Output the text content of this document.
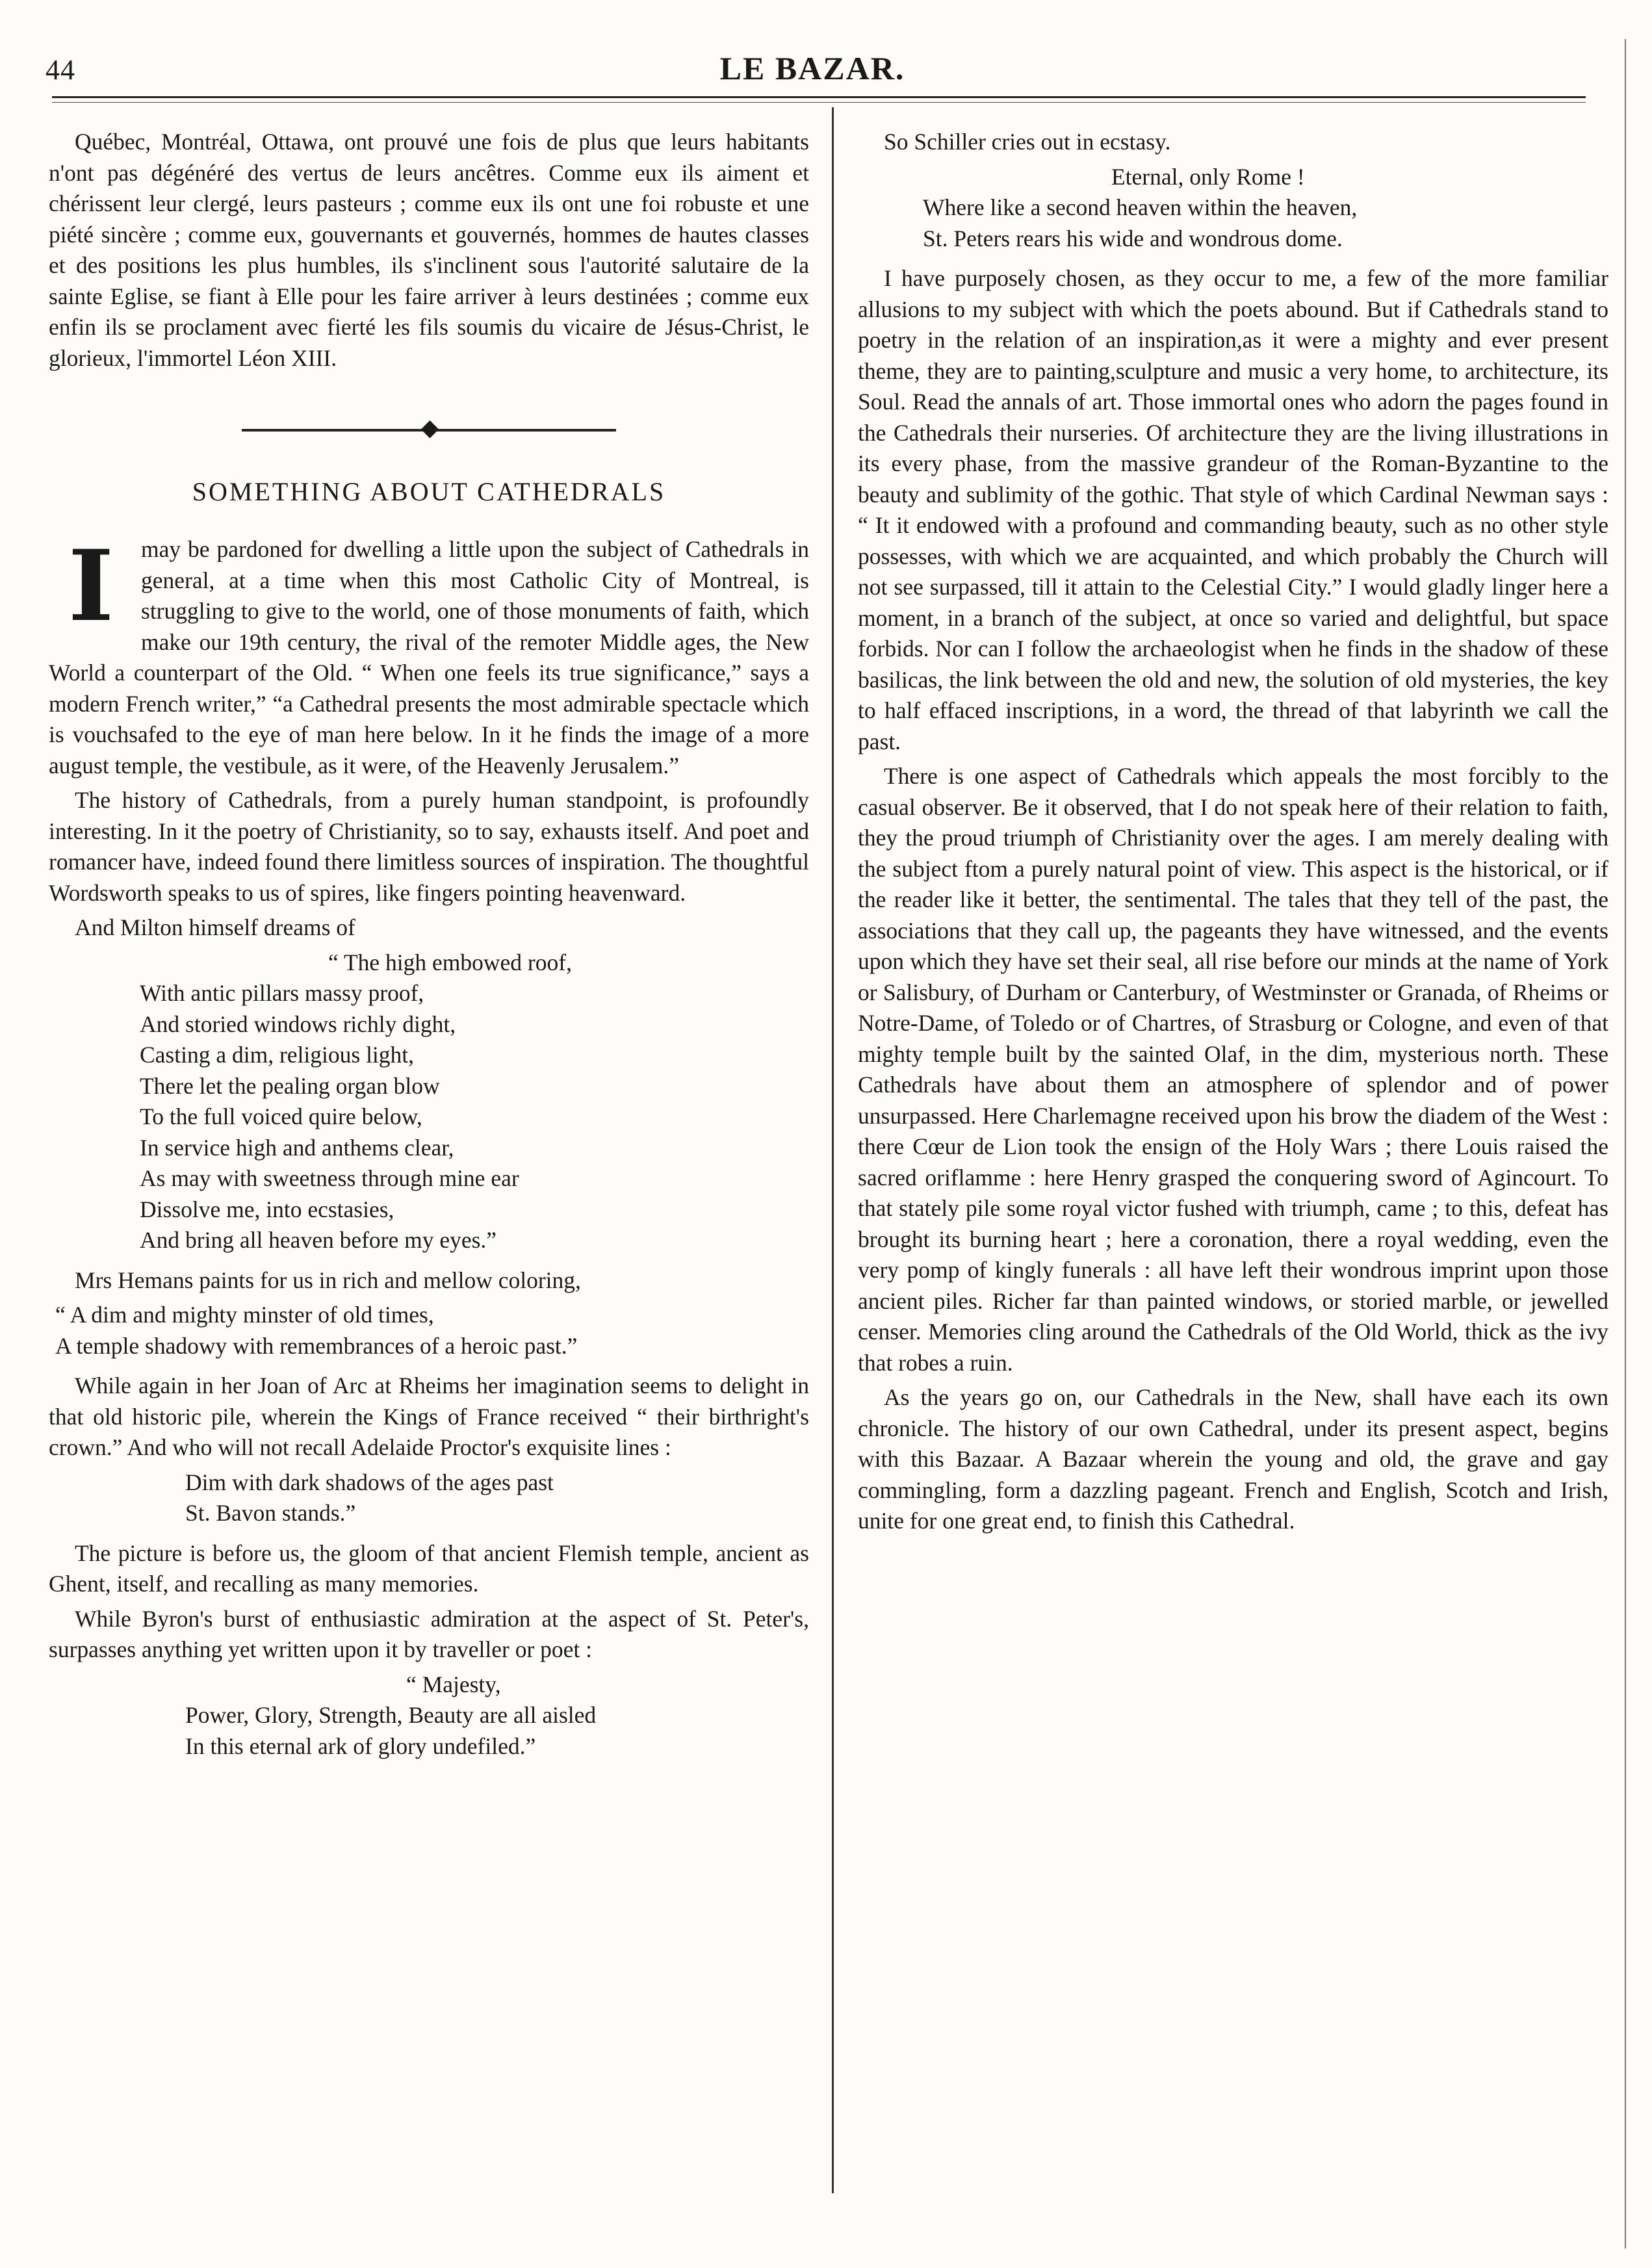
44	LE BAZAR.

Québec, Montréal, Ottawa, ont prouvé une fois de plus que leurs habitants n'ont pas dégénéré des vertus de leurs ancêtres. Comme eux ils aiment et chérissent leur clergé, leurs pasteurs ; comme eux ils ont une foi robuste et une piété sincère ; comme eux, gouvernants et gouvernés, hommes de hautes classes et des positions les plus humbles, ils s'inclinent sous l'autorité salutaire de la sainte Eglise, se fiant à Elle pour les faire arriver à leurs destinées ; comme eux enfin ils se proclament avec fierté les fils soumis du vicaire de Jésus-Christ, le glorieux, l'immortel Léon XIII.

◆
SOMETHING ABOUT CATHEDRALS

I	may be pardoned for dwelling a little upon the subject of Cathedrals in general, at a time when this most Catholic City of Montreal, is struggling to give to the world, one of those monuments of faith, which make our 19th century, the rival of the remoter Middle ages, the New World a counterpart of the Old. “ When one feels its true significance,” says a modern French writer,” “a Cathedral presents the most admirable spectacle which is vouchsafed to the eye of man here below. In it he finds the image of a more august temple, the vestibule, as it were, of the Heavenly Jerusalem.”

The history of Cathedrals, from a purely human standpoint, is profoundly interesting. In it the poetry of Christianity, so to say, exhausts itself. And poet and romancer have, indeed found there limitless sources of inspiration. The thoughtful Wordsworth speaks to us of spires, like fingers pointing heavenward.

And Milton himself dreams of

“ The high embowed roof,
With antic pillars massy proof,
And storied windows richly dight,
Casting a dim, religious light,
There let the pealing organ blow
To the full voiced quire below,
In service high and anthems clear,
As may with sweetness through mine ear
Dissolve me, into ecstasies,
And bring all heaven before my eyes.”

Mrs Hemans paints for us in rich and mellow coloring,

“ A dim and mighty minster of old times,
A temple shadowy with remembrances of a heroic past.”

While again in her Joan of Arc at Rheims her imagination seems to delight in that old historic pile, wherein the Kings of France received “ their birthright's crown.” And who will not recall Adelaide Proctor's exquisite lines :

Dim with dark shadows of the ages past
St. Bavon stands.”

The picture is before us, the gloom of that ancient Flemish temple, ancient as Ghent, itself, and recalling as many memories.

While Byron's burst of enthusiastic admiration at the aspect of St. Peter's, surpasses anything yet written upon it by traveller or poet :

“ Majesty,
Power, Glory, Strength, Beauty are all aisled
In this eternal ark of glory undefiled.”

So Schiller cries out in ecstasy.

Eternal, only Rome !
Where like a second heaven within the heaven,
St. Peters rears his wide and wondrous dome.

I have purposely chosen, as they occur to me, a few of the more familiar allusions to my subject with which the poets abound. But if Cathedrals stand to poetry in the relation of an inspiration,as it were a mighty and ever present theme, they are to painting,sculpture and music a very home, to architecture, its Soul. Read the annals of art. Those immortal ones who adorn the pages found in the Cathedrals their nurseries. Of architecture they are the living illustrations in its every phase, from the massive grandeur of the Roman-Byzantine to the beauty and sublimity of the gothic. That style of which Cardinal Newman says : “ It it endowed with a profound and commanding beauty, such as no other style possesses, with which we are acquainted, and which probably the Church will not see surpassed, till it attain to the Celestial City.” I would gladly linger here a moment, in a branch of the subject, at once so varied and delightful, but space forbids. Nor can I follow the archaeologist when he finds in the shadow of these basilicas, the link between the old and new, the solution of old mysteries, the key to half effaced inscriptions, in a word, the thread of that labyrinth we call the past.

There is one aspect of Cathedrals which appeals the most forcibly to the casual observer. Be it observed, that I do not speak here of their relation to faith, they the proud triumph of Christianity over the ages. I am merely dealing with the subject ftom a purely natural point of view. This aspect is the historical, or if the reader like it better, the sentimental. The tales that they tell of the past, the associations that they call up, the pageants they have witnessed, and the events upon which they have set their seal, all rise before our minds at the name of York or Salisbury, of Durham or Canterbury, of Westminster or Granada, of Rheims or Notre-Dame, of Toledo or of Chartres, of Strasburg or Cologne, and even of that mighty temple built by the sainted Olaf, in the dim, mysterious north. These Cathedrals have about them an atmosphere of splendor and of power unsurpassed. Here Charlemagne received upon his brow the diadem of the West : there Cœur de Lion took the ensign of the Holy Wars ; there Louis raised the sacred oriflamme : here Henry grasped the conquering sword of Agincourt. To that stately pile some royal victor fushed with triumph, came ; to this, defeat has brought its burning heart ; here a coronation, there a royal wedding, even the very pomp of kingly funerals : all have left their wondrous imprint upon those ancient piles. Richer far than painted windows, or storied marble, or jewelled censer. Memories cling around the Cathedrals of the Old World, thick as the ivy that robes a ruin.

As the years go on, our Cathedrals in the New, shall have each its own chronicle. The history of our own Cathedral, under its present aspect, begins with this Bazaar. A Bazaar wherein the young and old, the grave and gay commingling, form a dazzling pageant. French and English, Scotch and Irish, unite for one great end, to finish this Cathedral.
